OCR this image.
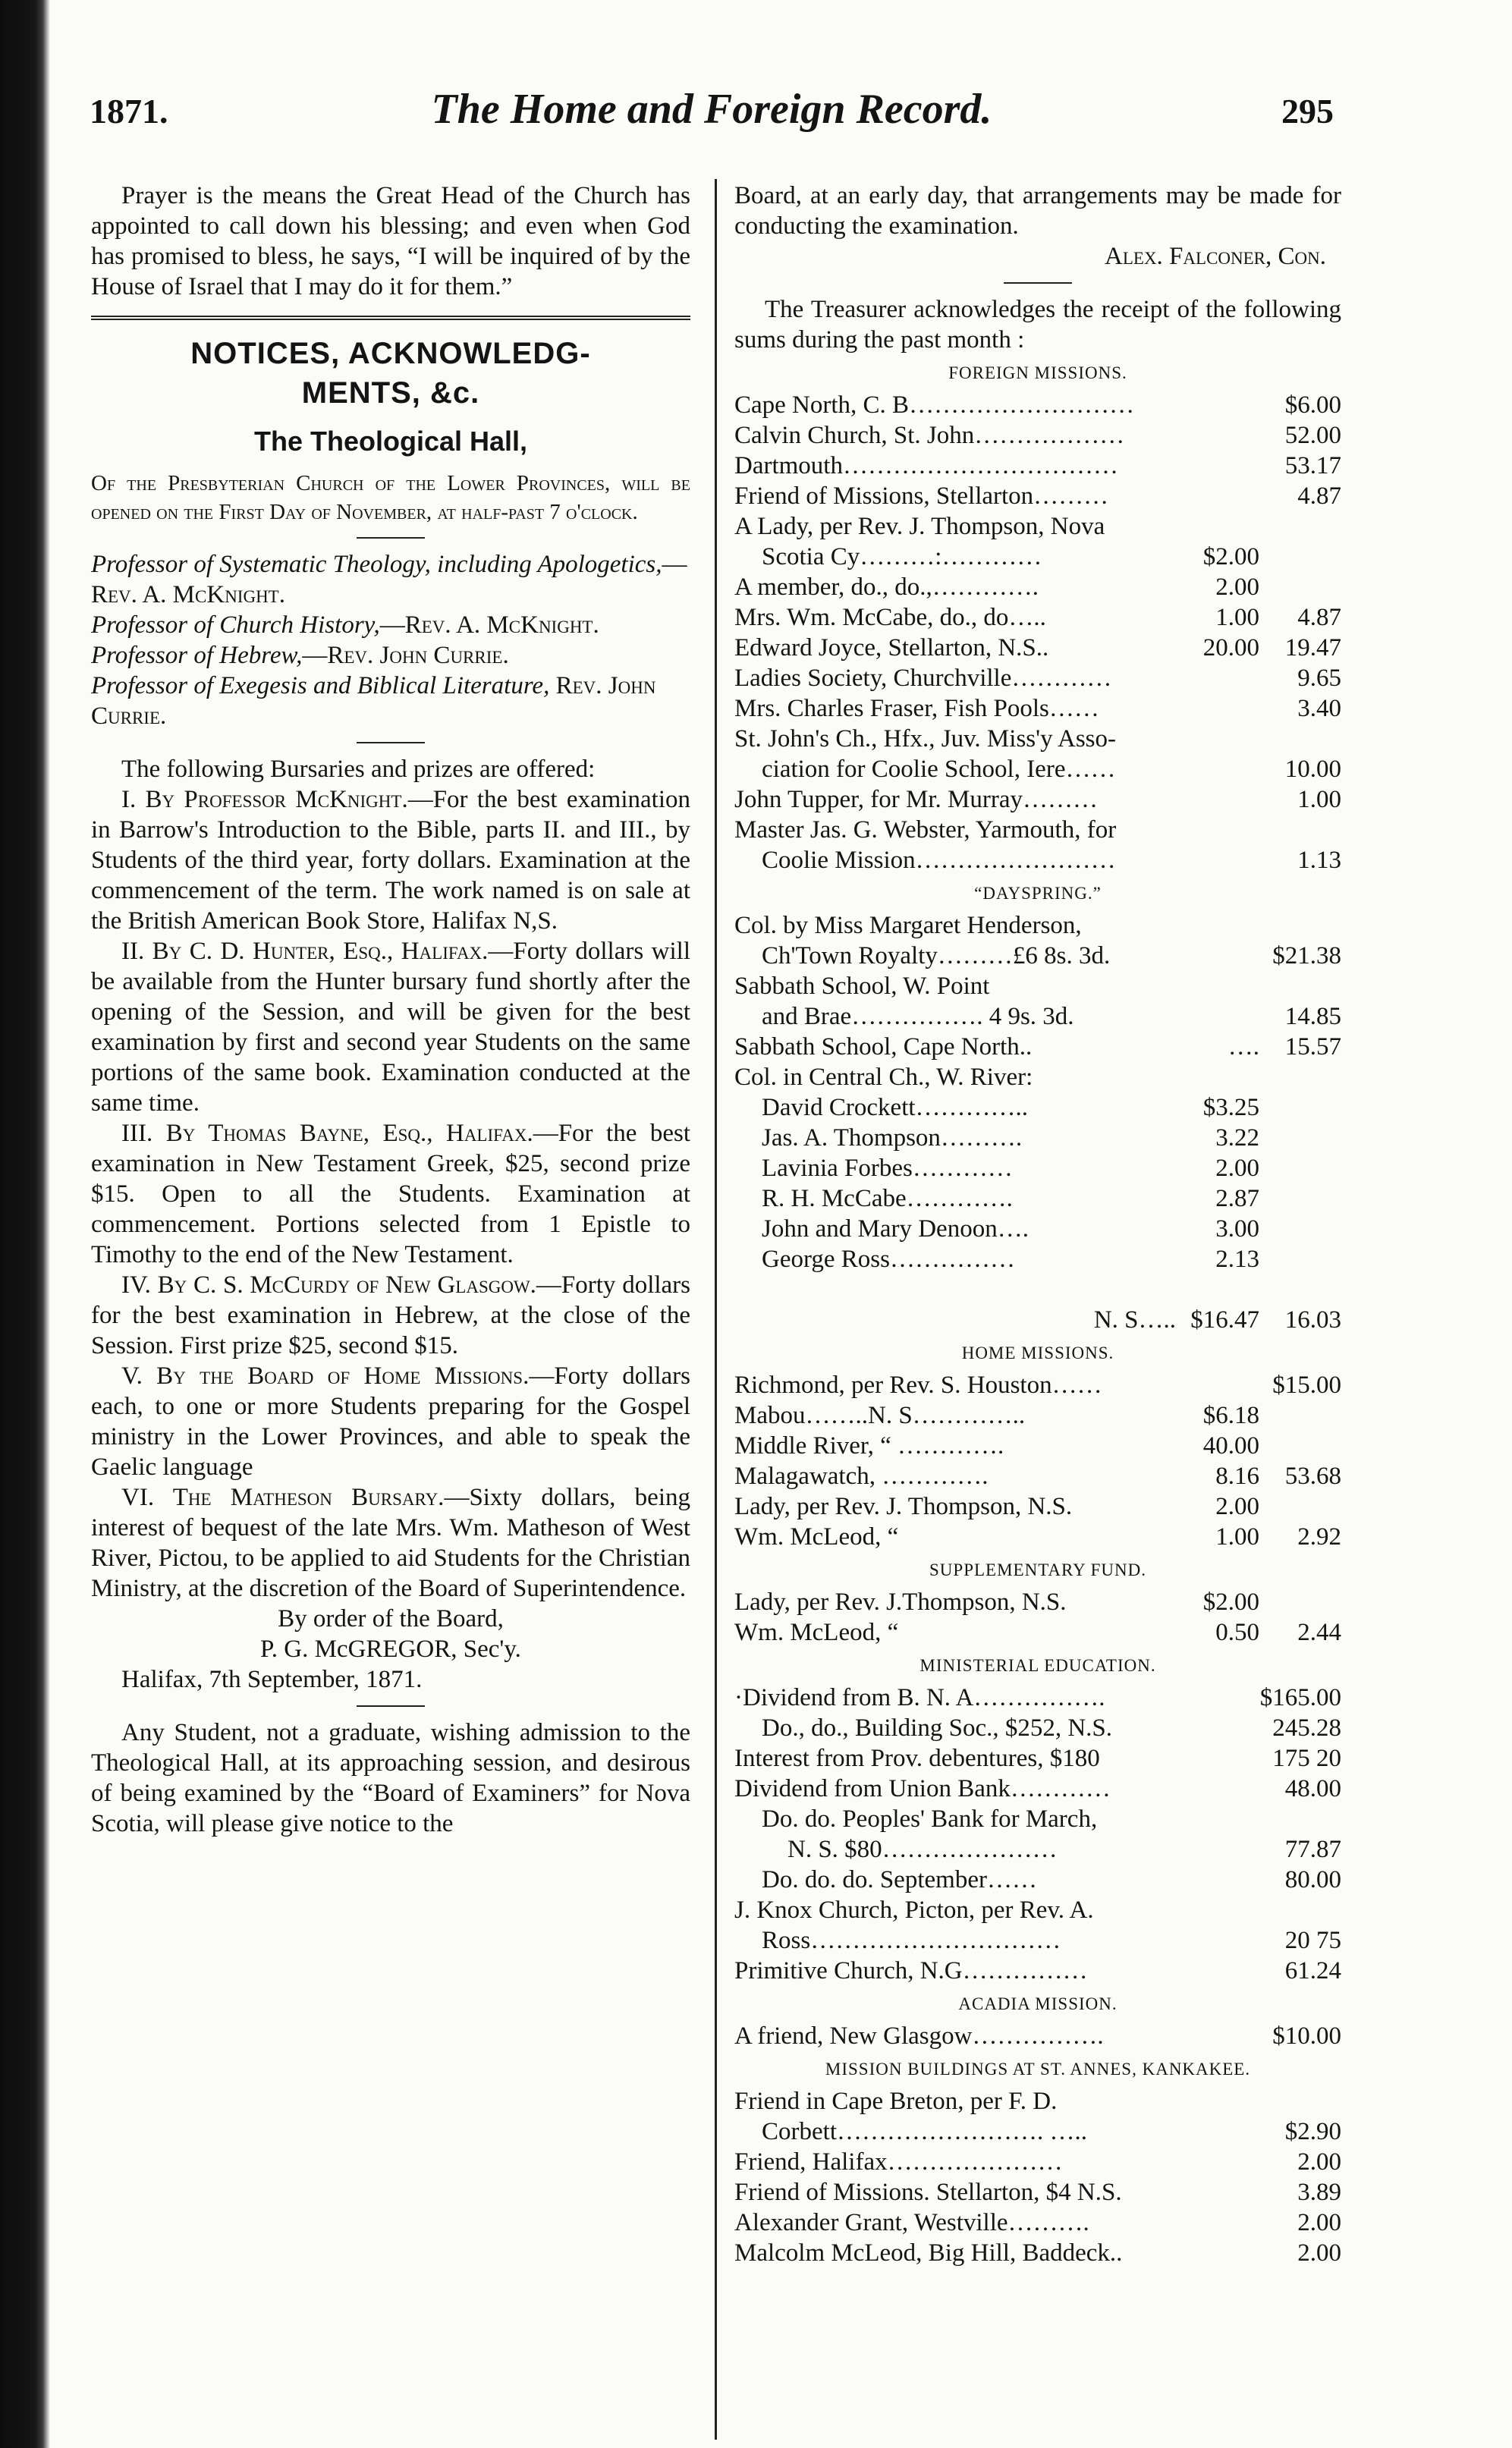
1871.	The Home and Foreign Record.	295

Prayer is the means the Great Head of the Church has appointed to call down his blessing; and even when God has promised to bless, he says, “I will be inquired of by the House of Israel that I may do it for them.”

NOTICES, ACKNOWLEDG-
MENTS, &c.
The Theological Hall,

Of the Presbyterian Church of the Lower Provinces, will be opened on the First Day of November, at half-past 7 o'clock.

Professor of Systematic Theology, including Apologetics,—Rev. A. McKnight.

Professor of Church History,—Rev. A. McKnight.

Professor of Hebrew,—Rev. John Currie.

Professor of Exegesis and Biblical Literature, Rev. John Currie.

The following Bursaries and prizes are offered:

I. By Professor McKnight.—For the best examination in Barrow's Introduction to the Bible, parts II. and III., by Students of the third year, forty dollars. Examination at the commencement of the term. The work named is on sale at the British American Book Store, Halifax N,S.

II. By C. D. Hunter, Esq., Halifax.—Forty dollars will be available from the Hunter bursary fund shortly after the opening of the Session, and will be given for the best examination by first and second year Students on the same portions of the same book. Examination conducted at the same time.

III. By Thomas Bayne, Esq., Halifax.—For the best examination in New Testament Greek, $25, second prize $15. Open to all the Students. Examination at commencement. Portions selected from 1 Epistle to Timothy to the end of the New Testament.

IV. By C. S. McCurdy of New Glasgow.—Forty dollars for the best examination in Hebrew, at the close of the Session. First prize $25, second $15.

V. By the Board of Home Missions.—Forty dollars each, to one or more Students preparing for the Gospel ministry in the Lower Provinces, and able to speak the Gaelic language

VI. The Matheson Bursary.—Sixty dollars, being interest of bequest of the late Mrs. Wm. Matheson of West River, Pictou, to be applied to aid Students for the Christian Ministry, at the discretion of the Board of Superintendence.

By order of the Board,

P. G. McGREGOR, Sec'y.

Halifax, 7th September, 1871.

Any Student, not a graduate, wishing admission to the Theological Hall, at its approaching session, and desirous of being examined by the “Board of Examiners” for Nova Scotia, will please give notice to the

Board, at an early day, that arrangements may be made for conducting the examination.

Alex. Falconer, Con.

The Treasurer acknowledges the receipt of the following sums during the past month :

FOREIGN MISSIONS.
Cape North, C. B………………………	$6.00
Calvin Church, St. John………………	52.00
Dartmouth……………………………	53.17
Friend of Missions, Stellarton………	4.87
A Lady, per Rev. J. Thompson, Nova
Scotia Cy………:…………	$2.00
A member, do., do.,………….	2.00
Mrs. Wm. McCabe, do., do…..	1.00	4.87
Edward Joyce, Stellarton, N.S..	20.00	19.47
Ladies Society, Churchville…………	9.65
Mrs. Charles Fraser, Fish Pools……	3.40
St. John's Ch., Hfx., Juv. Miss'y Asso-
ciation for Coolie School, Iere……	10.00
John Tupper, for Mr. Murray………	1.00
Master Jas. G. Webster, Yarmouth, for
Coolie Mission……………………	1.13
“DAYSPRING.”
Col. by Miss Margaret Henderson,
Ch'Town Royalty………£6 8s. 3d.	$21.38
Sabbath School, W. Point
and Brae……………. 4 9s. 3d.	14.85
Sabbath School, Cape North..	….	15.57
Col. in Central Ch., W. River:
David Crockett…………..	$3.25
Jas. A. Thompson……….	3.22
Lavinia Forbes…………	2.00
R. H. McCabe………….	2.87
John and Mary Denoon….	3.00
George Ross……………	2.13
N. S….. $16.47	16.03
HOME MISSIONS.
Richmond, per Rev. S. Houston……	$15.00
Mabou……..N. S…………..	$6.18
Middle River, “ ………….	40.00
Malagawatch, ………….	8.16	53.68
Lady, per Rev. J. Thompson, N.S.	2.00
Wm. McLeod, “	1.00	2.92
SUPPLEMENTARY FUND.
Lady, per Rev. J.Thompson, N.S.	$2.00
Wm. McLeod, “	0.50	2.44
MINISTERIAL EDUCATION.
·Dividend from B. N. A…………….	$165.00
Do., do., Building Soc., $252, N.S.	245.28
Interest from Prov. debentures, $180	175 20
Dividend from Union Bank…………	48.00
Do. do. Peoples' Bank for March,
N. S. $80…………………	77.87
Do. do. do. September……	80.00
J. Knox Church, Picton, per Rev. A.
Ross…………………………	20 75
Primitive Church, N.G……………	61.24
ACADIA MISSION.
A friend, New Glasgow…………….	$10.00
MISSION BUILDINGS AT ST. ANNES, KANKAKEE.
Friend in Cape Breton, per F. D.
Corbett……………………. …..	$2.90
Friend, Halifax…………………	2.00
Friend of Missions. Stellarton, $4 N.S.	3.89
Alexander Grant, Westville……….	2.00
Malcolm McLeod, Big Hill, Baddeck..	2.00
